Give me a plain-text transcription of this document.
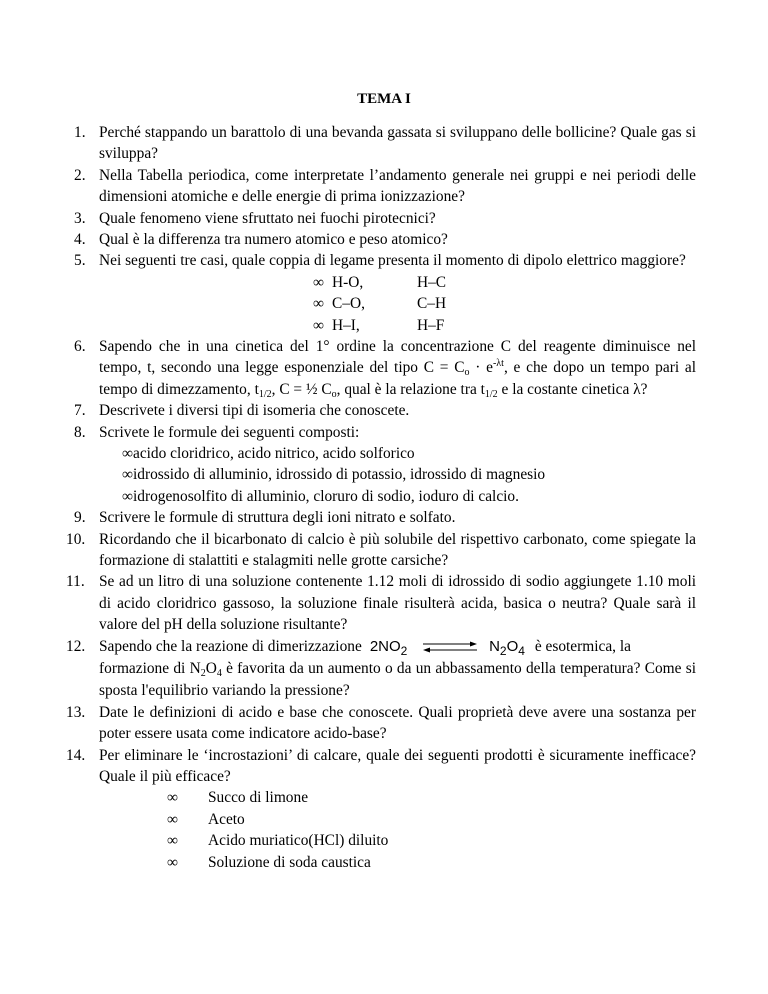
TEMA I
1. Perché stappando un barattolo di una bevanda gassata si sviluppano delle bollicine? Quale gas si sviluppa?
2. Nella Tabella periodica, come interpretate l’andamento generale nei gruppi e nei periodi delle dimensioni atomiche e delle energie di prima ionizzazione?
3. Quale fenomeno viene sfruttato nei fuochi pirotecnici?
4. Qual è la differenza tra numero atomico e peso atomico?
5. Nei seguenti tre casi, quale coppia di legame presenta il momento di dipolo elettrico maggiore?
∞ H-O,	H–C
∞ C–O,	C–H
∞ H–I,	H–F
6. Sapendo che in una cinetica del 1° ordine la concentrazione C del reagente diminuisce nel tempo, t, secondo una legge esponenziale del tipo $C = C_o \cdot e^{-\lambda t}$, e che dopo un tempo pari al tempo di dimezzamento, $t_{1/2}$, C = ½ $C_o$, qual è la relazione tra $t_{1/2}$ e la costante cinetica λ?
7. Descrivete i diversi tipi di isomeria che conoscete.
8. Scrivete le formule dei seguenti composti:
∞acido cloridrico, acido nitrico, acido solforico
∞idrossido di alluminio, idrossido di potassio, idrossido di magnesio
∞idrogenosolfito di alluminio, cloruro di sodio, ioduro di calcio.
9. Scrivere le formule di struttura degli ioni nitrato e solfato.
10. Ricordando che il bicarbonato di calcio è più solubile del rispettivo carbonato, come spiegate la formazione di stalattiti e stalagmiti nelle grotte carsiche?
11. Se ad un litro di una soluzione contenente 1.12 moli di idrossido di sodio aggiungete 1.10 moli di acido cloridrico gassoso, la soluzione finale risulterà acida, basica o neutra? Quale sarà il valore del pH della soluzione risultante?
12. Sapendo che la reazione di dimerizzazione $2NO_2$ ⇌ $N_2O_4$ è esotermica, la
formazione di $N_2O_4$ è favorita da un aumento o da un abbassamento della temperatura? Come si sposta l'equilibrio variando la pressione?
13. Date le definizioni di acido e base che conoscete. Quali proprietà deve avere una sostanza per poter essere usata come indicatore acido-base?
14. Per eliminare le ‘incrostazioni’ di calcare, quale dei seguenti prodotti è sicuramente inefficace? Quale il più efficace?
∞ Succo di limone
∞ Aceto
∞ Acido muriatico(HCl) diluito
∞ Soluzione di soda caustica
